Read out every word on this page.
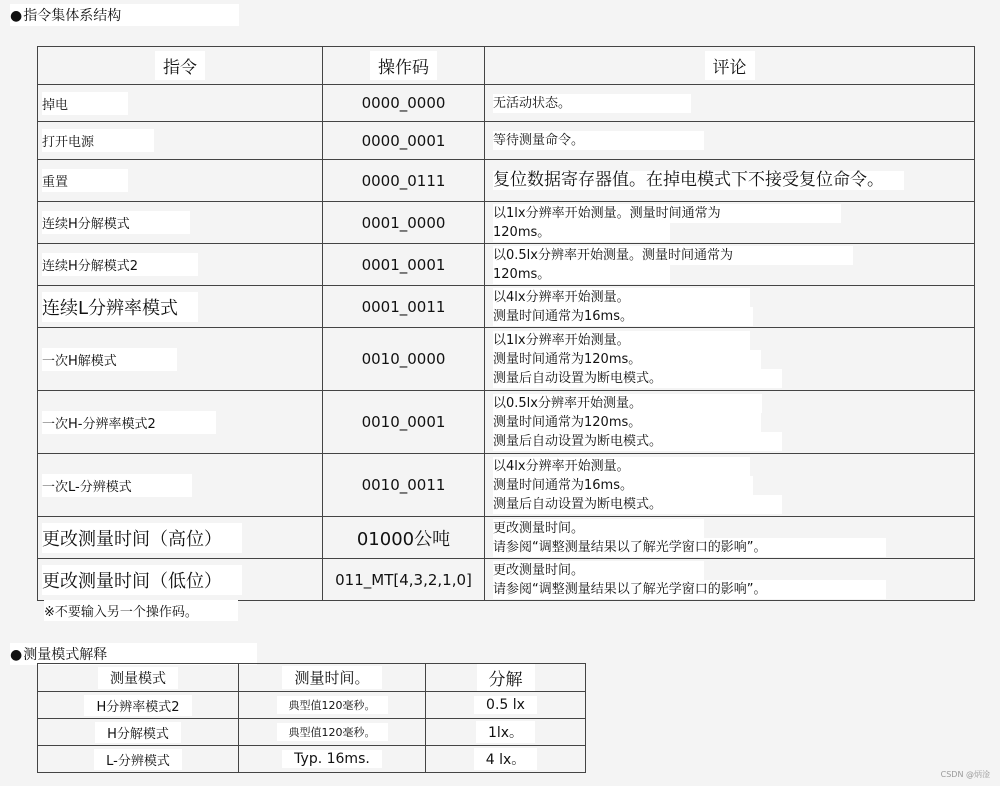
●指令集体系结构
指令	操作码	评论
掉电	0000_0000	无活动状态。

打开电源	0000_0001	等待测量命令。

重置	0000_0111	复位数据寄存器值。在掉电模式下不接受复位命令。

连续H分解模式	0001_0000	以1lx分辨率开始测量。测量时间通常为
120ms。

连续H分解模式2	0001_0001	以0.5lx分辨率开始测量。测量时间通常为
120ms。

连续L分辨率模式	0001_0011	以4lx分辨率开始测量。
测量时间通常为16ms。

一次H解模式	0010_0000	以1lx分辨率开始测量。
测量时间通常为120ms。
测量后自动设置为断电模式。

一次H-分辨率模式2	0010_0001	以0.5lx分辨率开始测量。
测量时间通常为120ms。
测量后自动设置为断电模式。

一次L-分辨模式	0010_0011	以4lx分辨率开始测量。
测量时间通常为16ms。
测量后自动设置为断电模式。

更改测量时间（高位）	01000公吨	更改测量时间。
请参阅“调整测量结果以了解光学窗口的影响”。

更改测量时间（低位）	011_MT[4,3,2,1,0]	更改测量时间。
请参阅“调整测量结果以了解光学窗口的影响”。
※不要输入另一个操作码。
●测量模式解释
测量模式	测量时间。	分解
H分辨率模式2	典型值120毫秒。	0.5 lx
H分解模式	典型值120毫秒。	1lx。
L-分辨模式	Typ. 16ms.	4 lx。
CSDN @炳淦
